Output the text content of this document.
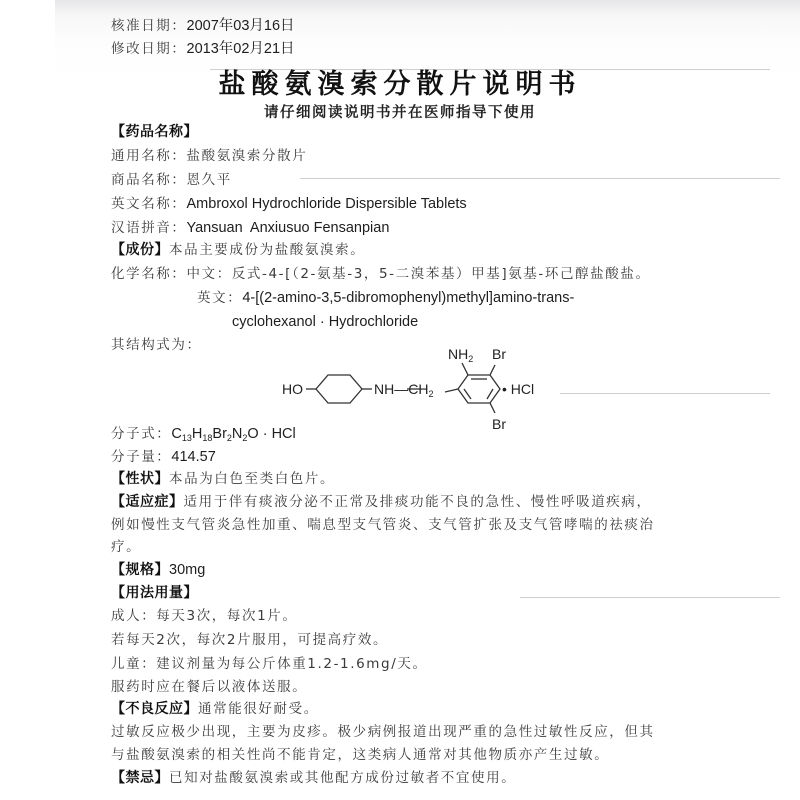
核准日期：2007年03月16日
修改日期：2013年02月21日
盐酸氨溴索分散片说明书
请仔细阅读说明书并在医师指导下使用
【药品名称】
通用名称：盐酸氨溴索分散片
商品名称：恩久平
英文名称：Ambroxol Hydrochloride Dispersible Tablets
汉语拼音：Yansuan  Anxiusuo Fensanpian
【成份】本品主要成份为盐酸氨溴索。
化学名称：中文：反式-4-[（2-氨基-3，5-二溴苯基）甲基]氨基-环己醇盐酸盐。
英文：4-[(2-amino-3,5-dibromophenyl)methyl]amino-trans-
cyclohexanol · Hydrochloride
其结构式为：
HO	$NH—CH_2$
$NH_2$ Br
• HCl
Br
分子式：$C_{13}H_{18}Br_2N_2O$ · HCl
分子量：414.57
【性状】本品为白色至类白色片。
【适应症】适用于伴有痰液分泌不正常及排痰功能不良的急性、慢性呼吸道疾病，
例如慢性支气管炎急性加重、喘息型支气管炎、支气管扩张及支气管哮喘的祛痰治
疗。
【规格】30mg
【用法用量】
成人：每天3次，每次1片。
若每天2次，每次2片服用，可提高疗效。
儿童：建议剂量为每公斤体重1.2-1.6mg/天。
服药时应在餐后以液体送服。
【不良反应】通常能很好耐受。
过敏反应极少出现，主要为皮疹。极少病例报道出现严重的急性过敏性反应，但其
与盐酸氨溴索的相关性尚不能肯定，这类病人通常对其他物质亦产生过敏。
【禁忌】已知对盐酸氨溴索或其他配方成份过敏者不宜使用。
